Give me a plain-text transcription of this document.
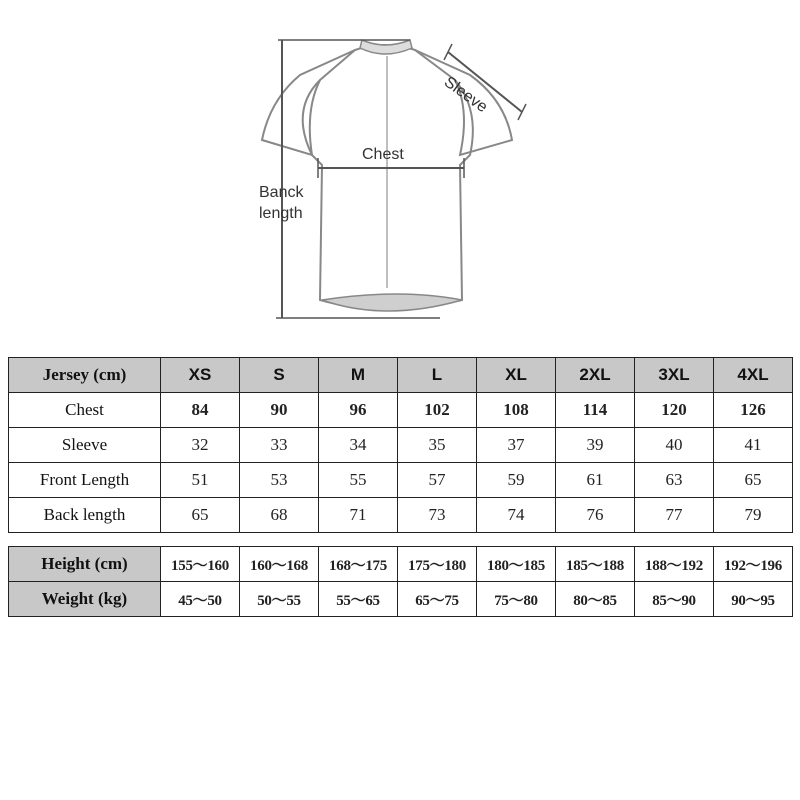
Chest
Banck length
Sleeve
Jersey (cm)	XS	S	M	L	XL	2XL	3XL	4XL
Chest	84	90	96	102	108	114	120	126
Sleeve	32	33	34	35	37	39	40	41
Front Length	51	53	55	57	59	61	63	65
Back length	65	68	71	73	74	76	77	79
Height (cm)	155～160	160～168	168～175	175～180	180～185	185～188	188～192	192～196
Weight (kg)	45～50	50～55	55～65	65～75	75～80	80～85	85～90	90～95
